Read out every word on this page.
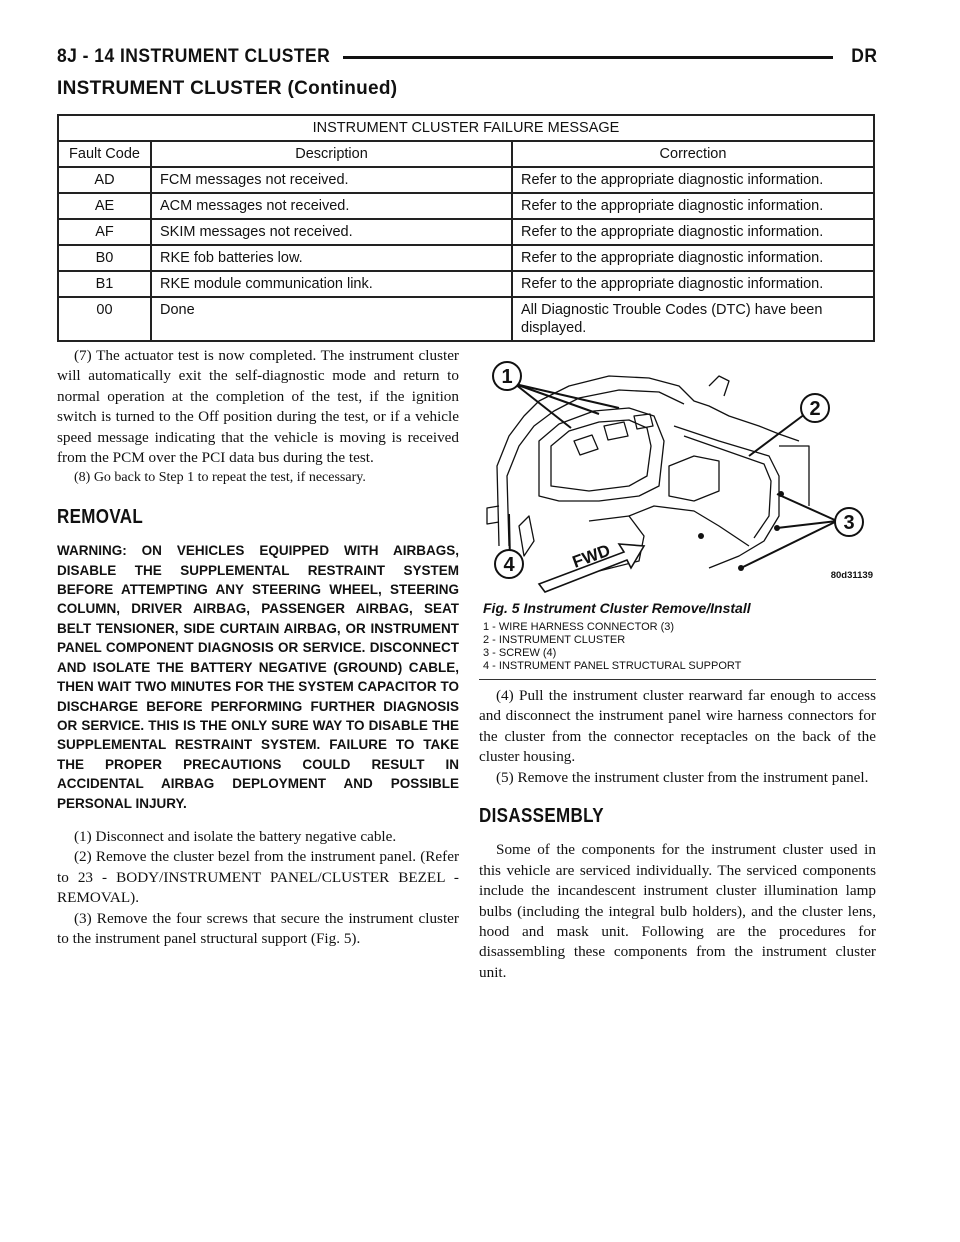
8J - 14 INSTRUMENT CLUSTER	DR
INSTRUMENT CLUSTER (Continued)
INSTRUMENT CLUSTER FAILURE MESSAGE		
Fault Code	Description	Correction
AD	FCM messages not received.	Refer to the appropriate diagnostic information.
AE	ACM messages not received.	Refer to the appropriate diagnostic information.
AF	SKIM messages not received.	Refer to the appropriate diagnostic information.
B0	RKE fob batteries low.	Refer to the appropriate diagnostic information.
B1	RKE module communication link.	Refer to the appropriate diagnostic information.
00	Done	All Diagnostic Trouble Codes (DTC) have been displayed.

(7) The actuator test is now completed. The instrument cluster will automatically exit the self-diagnostic mode and return to normal operation at the completion of the test, if the ignition switch is turned to the Off position during the test, or if a vehicle speed message indicating that the vehicle is moving is received from the PCM over the PCI data bus during the test.

(8) Go back to Step 1 to repeat the test, if necessary.

REMOVAL
WARNING: ON VEHICLES EQUIPPED WITH AIRBAGS, DISABLE THE SUPPLEMENTAL RESTRAINT SYSTEM BEFORE ATTEMPTING ANY STEERING WHEEL, STEERING COLUMN, DRIVER AIRBAG, PASSENGER AIRBAG, SEAT BELT TENSIONER, SIDE CURTAIN AIRBAG, OR INSTRUMENT PANEL COMPONENT DIAGNOSIS OR SERVICE. DISCONNECT AND ISOLATE THE BATTERY NEGATIVE (GROUND) CABLE, THEN WAIT TWO MINUTES FOR THE SYSTEM CAPACITOR TO DISCHARGE BEFORE PERFORMING FURTHER DIAGNOSIS OR SERVICE. THIS IS THE ONLY SURE WAY TO DISABLE THE SUPPLEMENTAL RESTRAINT SYSTEM. FAILURE TO TAKE THE PROPER PRECAUTIONS COULD RESULT IN ACCIDENTAL AIRBAG DEPLOYMENT AND POSSIBLE PERSONAL INJURY.

(1) Disconnect and isolate the battery negative cable.

(2) Remove the cluster bezel from the instrument panel. (Refer to 23 - BODY/INSTRUMENT PANEL/CLUSTER BEZEL - REMOVAL).

(3) Remove the four screws that secure the instrument cluster to the instrument panel structural support (Fig. 5).

1
2
3
4	FWD
80d31139
Fig. 5 Instrument Cluster Remove/Install
1 - WIRE HARNESS CONNECTOR (3)
2 - INSTRUMENT CLUSTER
3 - SCREW (4)
4 - INSTRUMENT PANEL STRUCTURAL SUPPORT

(4) Pull the instrument cluster rearward far enough to access and disconnect the instrument panel wire harness connectors for the cluster from the connector receptacles on the back of the cluster housing.

(5) Remove the instrument cluster from the instrument panel.

DISASSEMBLY

Some of the components for the instrument cluster used in this vehicle are serviced individually. The serviced components include the incandescent instrument cluster illumination lamp bulbs (including the integral bulb holders), and the cluster lens, hood and mask unit. Following are the procedures for disassembling these components from the instrument cluster unit.
